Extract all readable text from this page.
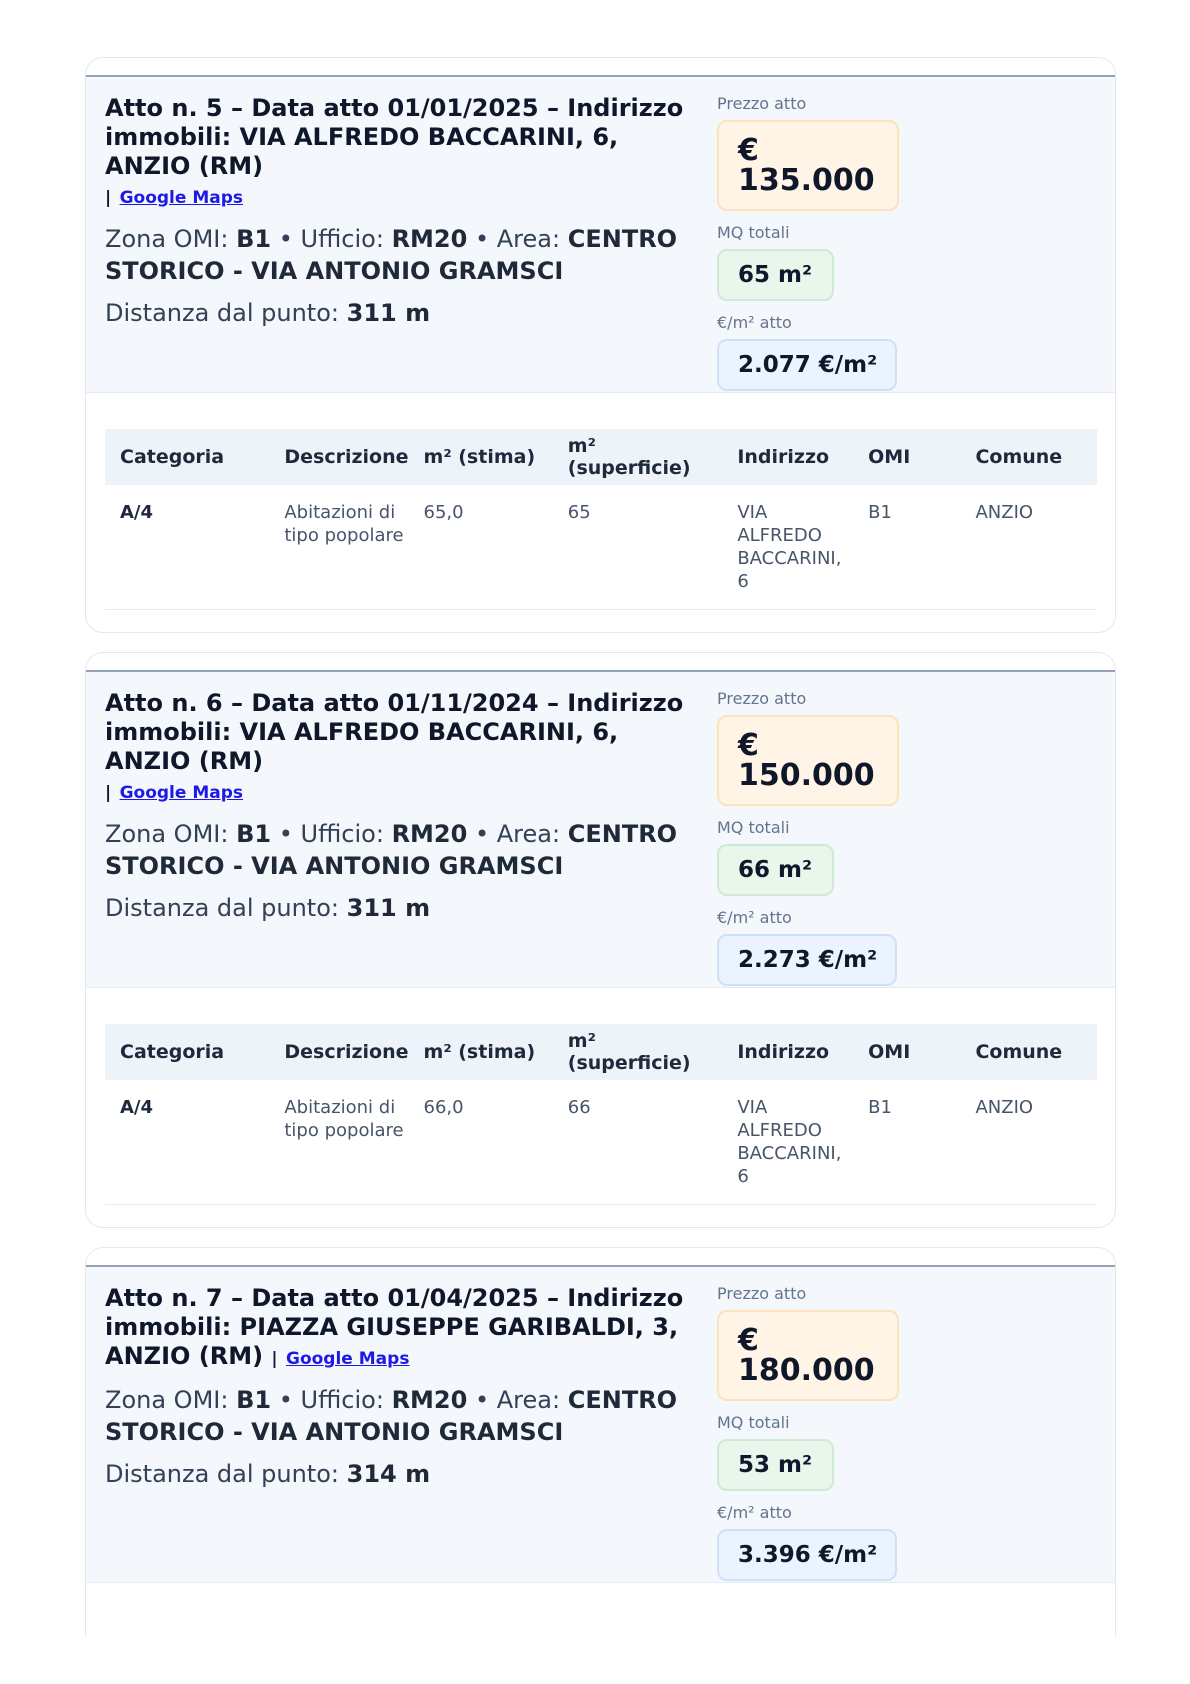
Atto n. 5 – Data atto 01/01/2025 – Indirizzo immobili: VIA ALFREDO BACCARINI, 6, ANZIO (RM)
| Google Maps
Zona OMI: B1 • Ufficio: RM20 • Area: CENTRO STORICO - VIA ANTONIO GRAMSCI
Distanza dal punto: 311 m
Prezzo atto
€ 135.000
MQ totali
65 m²
€/m² atto
2.077 €/m²
Categoria	Descrizione	m² (stima)	m² (superficie)	Indirizzo	OMI	Comune
A/4	Abitazioni di tipo popolare	65,0	65	VIA ALFREDO BACCARINI, 6	B1	ANZIO
Atto n. 6 – Data atto 01/11/2024 – Indirizzo immobili: VIA ALFREDO BACCARINI, 6, ANZIO (RM)
| Google Maps
Zona OMI: B1 • Ufficio: RM20 • Area: CENTRO STORICO - VIA ANTONIO GRAMSCI
Distanza dal punto: 311 m
Prezzo atto
€ 150.000
MQ totali
66 m²
€/m² atto
2.273 €/m²
Categoria	Descrizione	m² (stima)	m² (superficie)	Indirizzo	OMI	Comune
A/4	Abitazioni di tipo popolare	66,0	66	VIA ALFREDO BACCARINI, 6	B1	ANZIO
Atto n. 7 – Data atto 01/04/2025 – Indirizzo immobili: PIAZZA GIUSEPPE GARIBALDI, 3, ANZIO (RM) | Google Maps
Zona OMI: B1 • Ufficio: RM20 • Area: CENTRO STORICO - VIA ANTONIO GRAMSCI
Distanza dal punto: 314 m
Prezzo atto
€ 180.000
MQ totali
53 m²
€/m² atto
3.396 €/m²
